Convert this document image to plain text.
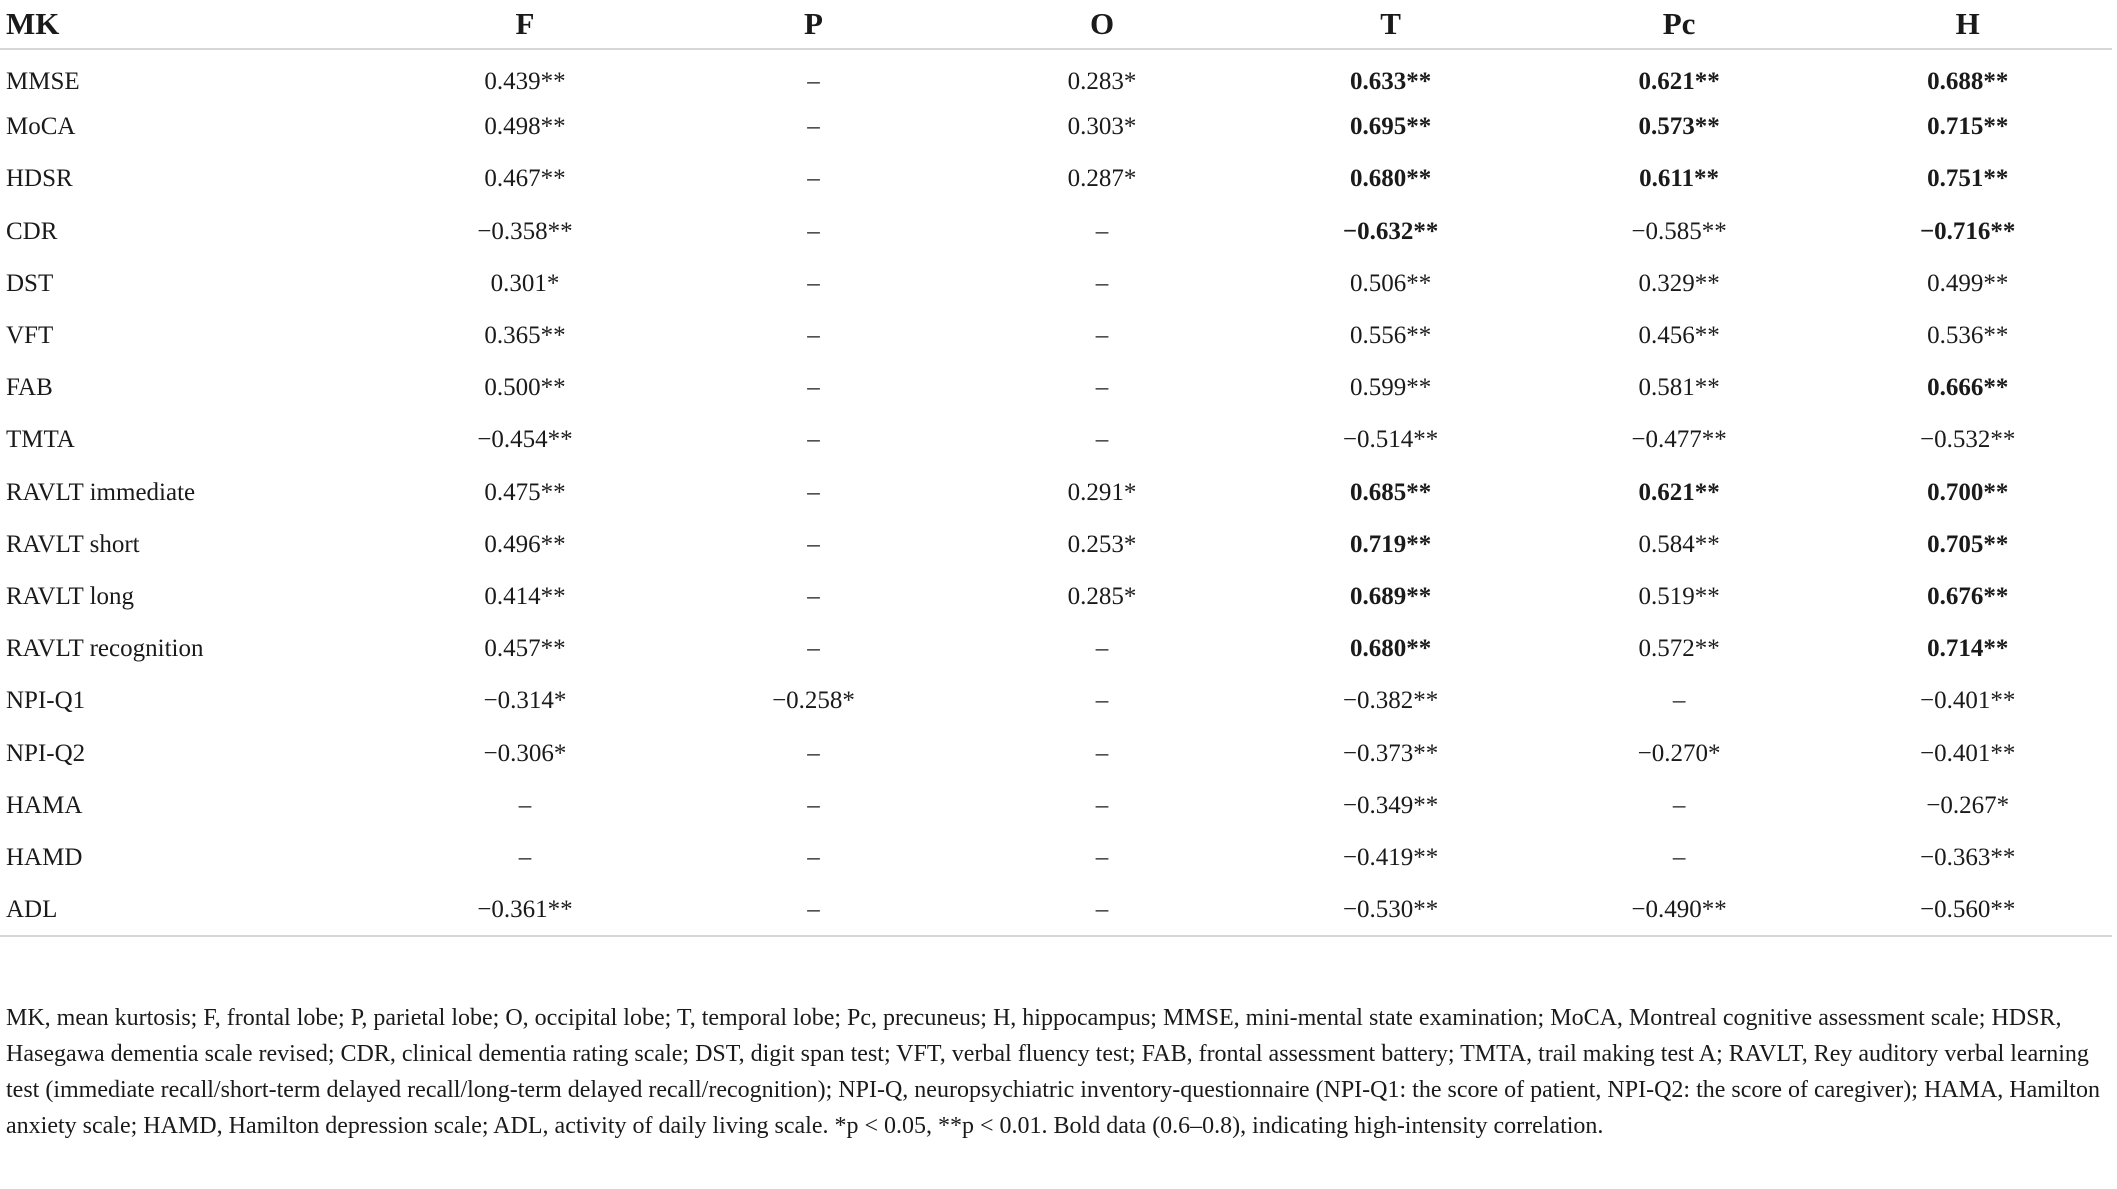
MK	F	P	O	T	Pc	H
MMSE	0.439**	–	0.283*	0.633**	0.621**	0.688**
MoCA	0.498**	–	0.303*	0.695**	0.573**	0.715**
HDSR	0.467**	–	0.287*	0.680**	0.611**	0.751**
CDR	−0.358**	–	–	−0.632**	−0.585**	−0.716**
DST	0.301*	–	–	0.506**	0.329**	0.499**
VFT	0.365**	–	–	0.556**	0.456**	0.536**
FAB	0.500**	–	–	0.599**	0.581**	0.666**
TMTA	−0.454**	–	–	−0.514**	−0.477**	−0.532**
RAVLT immediate	0.475**	–	0.291*	0.685**	0.621**	0.700**
RAVLT short	0.496**	–	0.253*	0.719**	0.584**	0.705**
RAVLT long	0.414**	–	0.285*	0.689**	0.519**	0.676**
RAVLT recognition	0.457**	–	–	0.680**	0.572**	0.714**
NPI-Q1	−0.314*	−0.258*	–	−0.382**	–	−0.401**
NPI-Q2	−0.306*	–	–	−0.373**	−0.270*	−0.401**
HAMA	–	–	–	−0.349**	–	−0.267*
HAMD	–	–	–	−0.419**	–	−0.363**
ADL	−0.361**	–	–	−0.530**	−0.490**	−0.560**
MK, mean kurtosis; F, frontal lobe; P, parietal lobe; O, occipital lobe; T, temporal lobe; Pc, precuneus; H, hippocampus; MMSE, mini-mental state examination; MoCA, Montreal cognitive assessment scale; HDSR, Hasegawa dementia scale revised; CDR, clinical dementia rating scale; DST, digit span test; VFT, verbal fluency test; FAB, frontal assessment battery; TMTA, trail making test A; RAVLT, Rey auditory verbal learning test (immediate recall/short-term delayed recall/long-term delayed recall/recognition); NPI-Q, neuropsychiatric inventory-questionnaire (NPI-Q1: the score of patient, NPI-Q2: the score of caregiver); HAMA, Hamilton anxiety scale; HAMD, Hamilton depression scale; ADL, activity of daily living scale. *p < 0.05, **p < 0.01. Bold data (0.6–0.8), indicating high-intensity correlation.
